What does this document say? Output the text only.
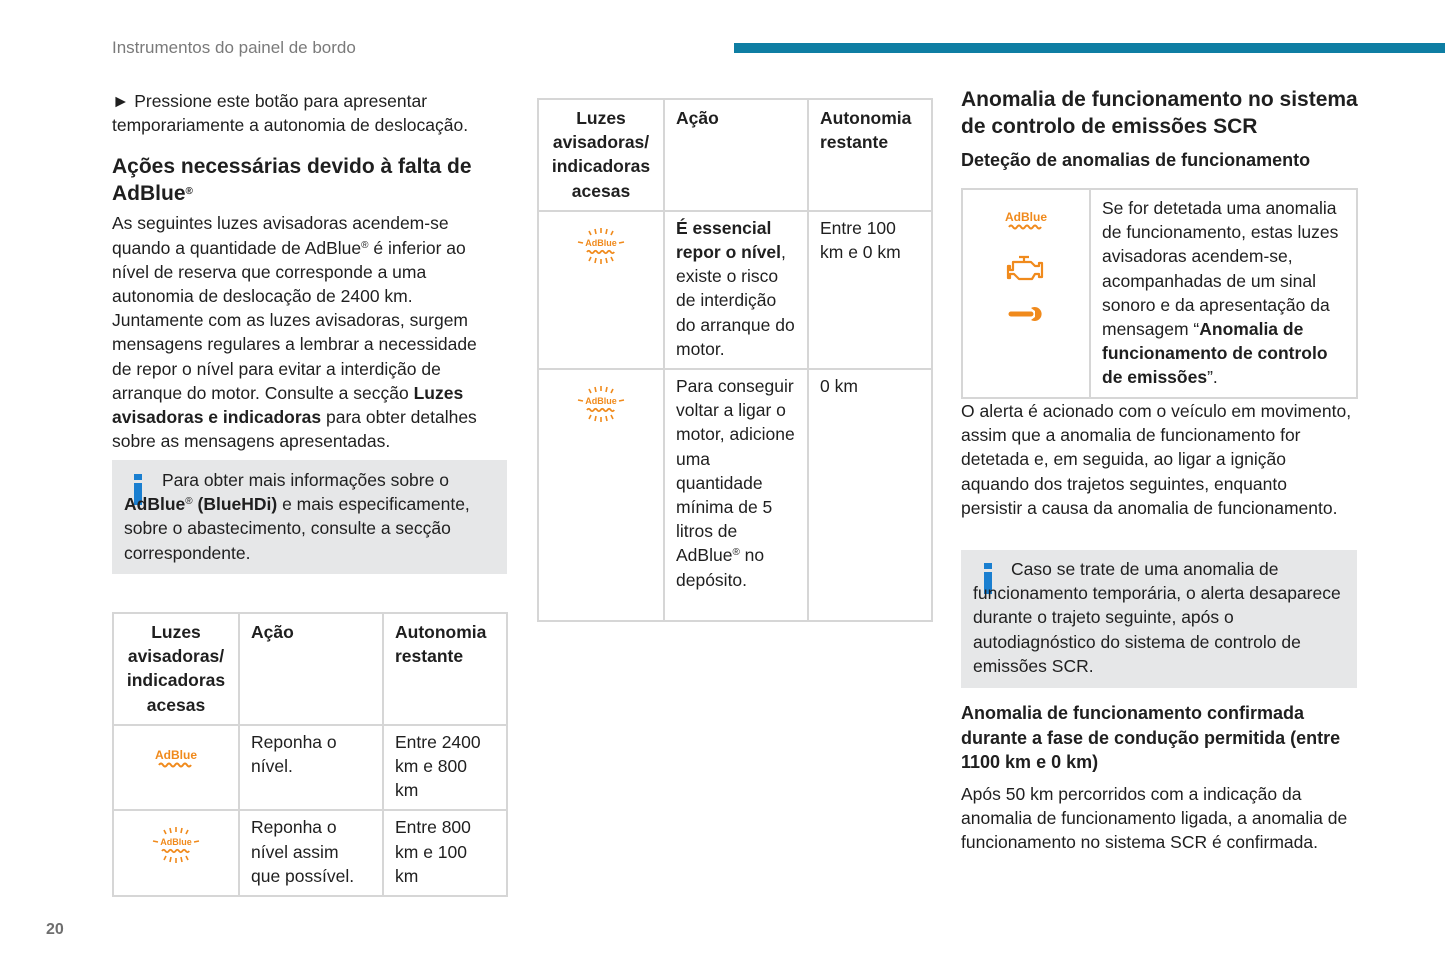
Instrumentos do painel de bordo

► Pressione este botão para apresentar temporariamente a autonomia de deslocação.

Ações necessárias devido à falta de AdBlue®

As seguintes luzes avisadoras acendem-se quando a quantidade de AdBlue® é inferior ao nível de reserva que corresponde a uma autonomia de deslocação de 2400 km. Juntamente com as luzes avisadoras, surgem mensagens regulares a lembrar a necessidade de repor o nível para evitar a interdição de arranque do motor. Consulte a secção Luzes avisadoras e indicadoras para obter detalhes sobre as mensagens apresentadas.

Para obter mais informações sobre o AdBlue® (BlueHDi) e mais especificamente, sobre o abastecimento, consulte a secção correspondente.
Luzes avisadoras/ indicadoras acesas	Ação	Autonomia restante

AdBlue	Reponha o nível.	Entre 2400 km e 800 km

AdBlue	Reponha o nível assim que possível.	Entre 800 km e 100 km
Luzes avisadoras/ indicadoras acesas	Ação	Autonomia restante

AdBlue	É essencial repor o nível, existe o risco de interdição do arranque do motor.	Entre 100 km e 0 km

AdBlue	Para conseguir voltar a ligar o motor, adicione uma quantidade mínima de 5 litros de AdBlue® no depósito.	0 km
Anomalia de funcionamento no sistema de controlo de emissões SCR
Deteção de anomalias de funcionamento
AdBlue	Se for detetada uma anomalia de funcionamento, estas luzes avisadoras acendem-se, acompanhadas de um sinal sonoro e da apresentação da mensagem “Anomalia de funcionamento de controlo de emissões”.

O alerta é acionado com o veículo em movimento, assim que a anomalia de funcionamento for detetada e, em seguida, ao ligar a ignição aquando dos trajetos seguintes, enquanto persistir a causa da anomalia de funcionamento.

Caso se trate de uma anomalia de funcionamento temporária, o alerta desaparece durante o trajeto seguinte, após o autodiagnóstico do sistema de controlo de emissões SCR.
Anomalia de funcionamento confirmada durante a fase de condução permitida (entre 1100 km e 0 km)

Após 50 km percorridos com a indicação da anomalia de funcionamento ligada, a anomalia de funcionamento no sistema SCR é confirmada.

20
